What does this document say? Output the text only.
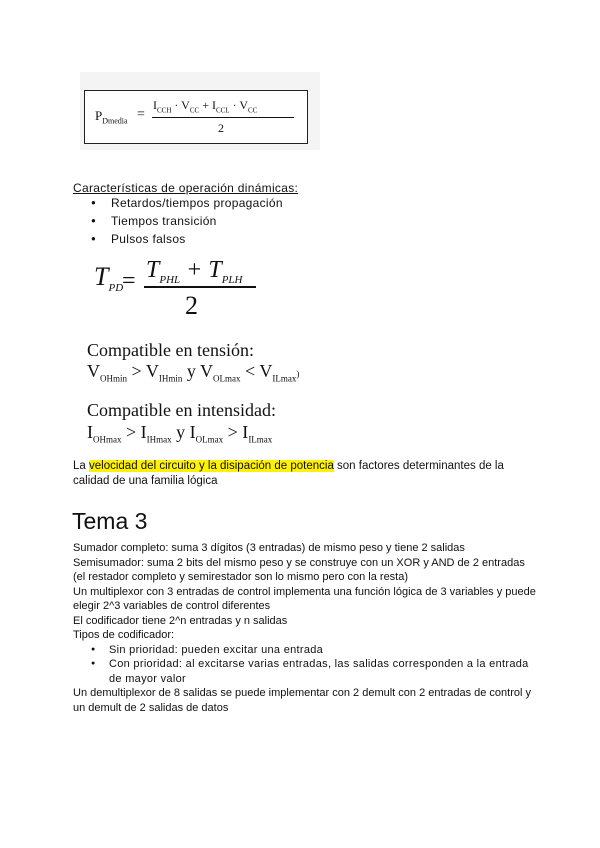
$P_{Dmedia}$ =
$I_{CCH} \cdot V_{CC} + I_{CCL} \cdot V_{CC}$
2
Características de operación dinámicas:
● Retardos/tiempos propagación
● Tiempos transición
● Pulsos falsos
$T_{PD}$
= $T_{PHL} + T_{PLH}$
2
Compatible en tensión:
$V_{OHmin} > V_{IHmin}$ y $V_{OLmax} < V_{ILmax}$)
Compatible en intensidad:
$I_{OHmax} > I_{IHmax}$ y $I_{OLmax} > I_{ILmax}$
La velocidad del circuito y la disipación de potencia son factores determinantes de la calidad de una familia lógica
Tema 3

Sumador completo: suma 3 dígitos (3 entradas) de mismo peso y tiene 2 salidas

Semisumador: suma 2 bits del mismo peso y se construye con un XOR y AND de 2 entradas

(el restador completo y semirestador son lo mismo pero con la resta)

Un multiplexor con 3 entradas de control implementa una función lógica de 3 variables y puede elegir 2^3 variables de control diferentes

El codificador tiene 2^n entradas y n salidas

Tipos de codificador:

● Sin prioridad: pueden excitar una entrada
● Con prioridad: al excitarse varias entradas, las salidas corresponden a la entrada de mayor valor

Un demultiplexor de 8 salidas se puede implementar con 2 demult con 2 entradas de control y un demult de 2 salidas de datos
